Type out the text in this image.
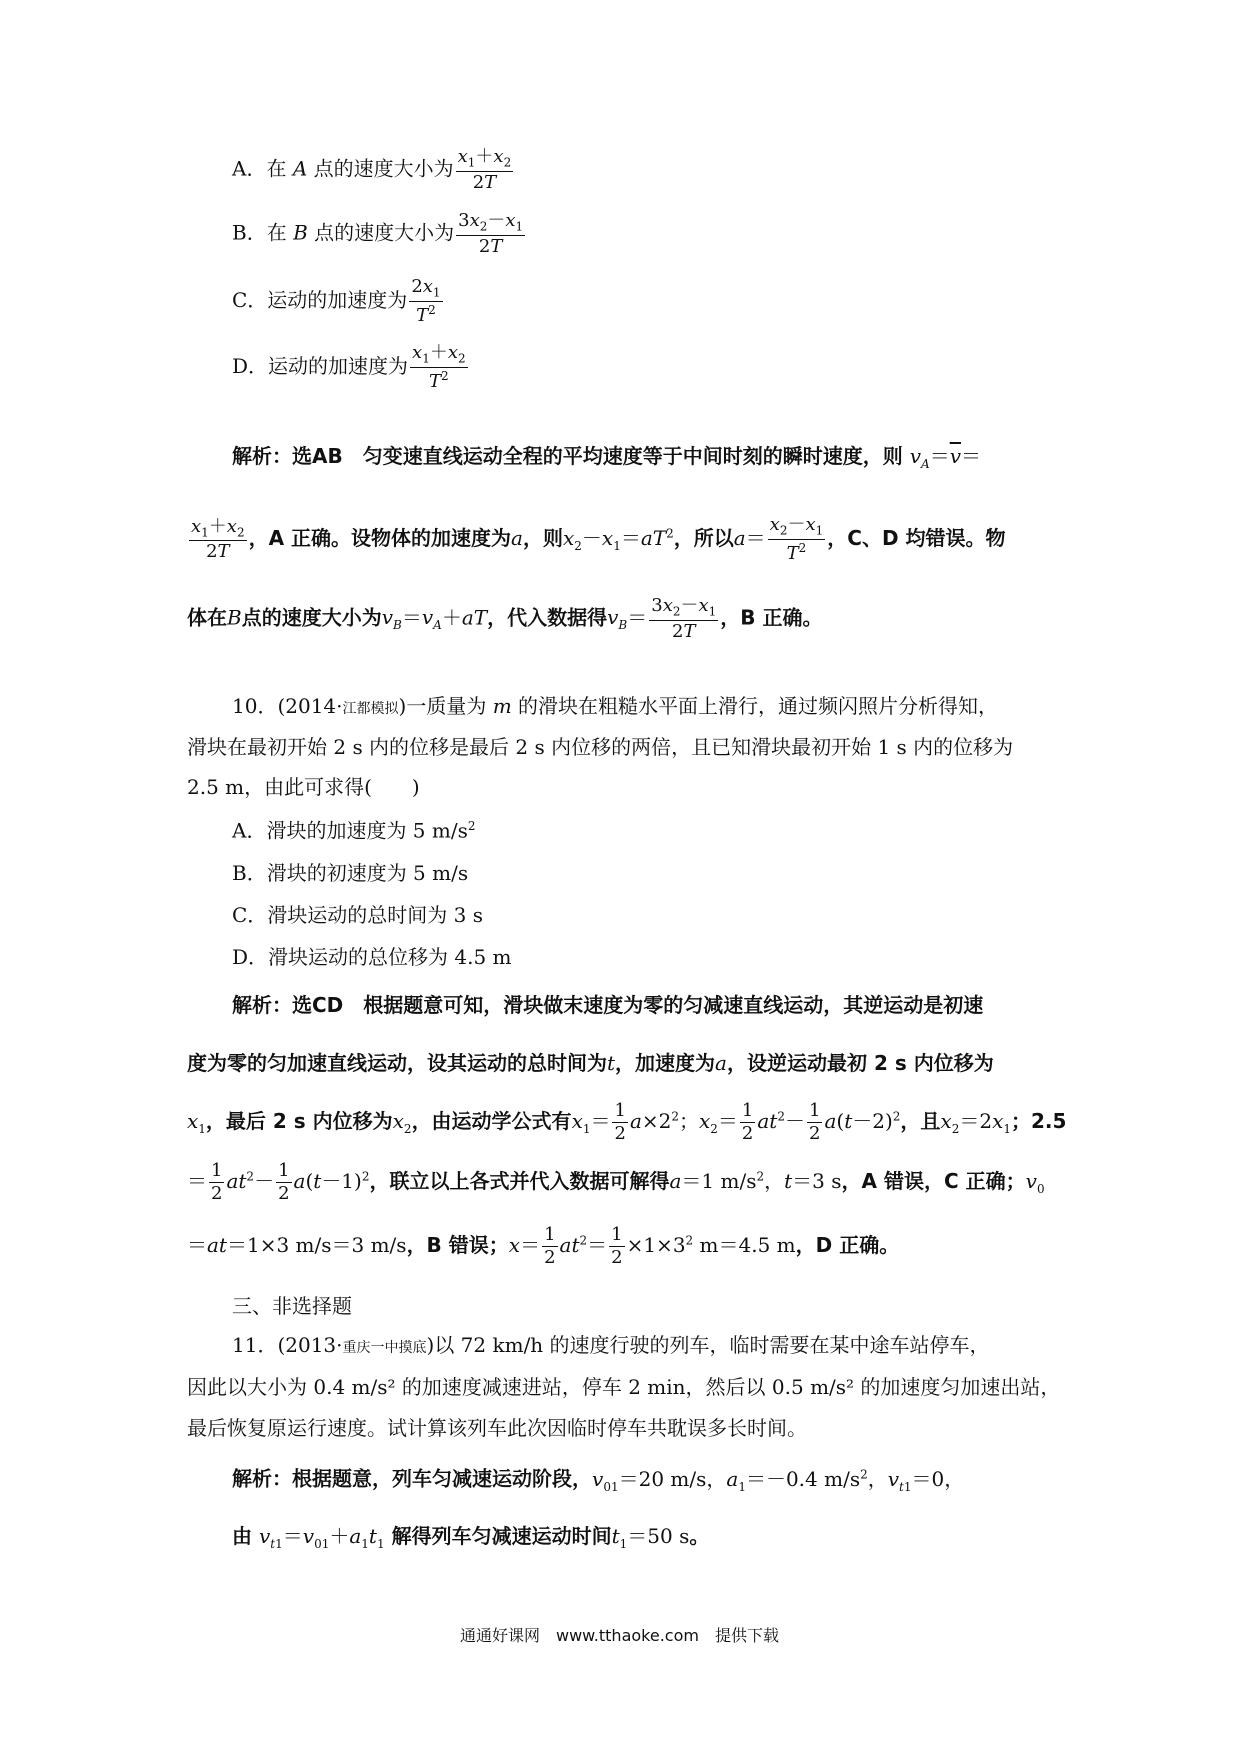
A．在 A 点的速度大小为 $\frac{x_1+x_2}{2T}$
B．在 B 点的速度大小为 $\frac{3x_2-x_1}{2T}$
C．运动的加速度为 $\frac{2x_1}{T^2}$
D．运动的加速度为 $\frac{x_1+x_2}{T^2}$
解析：选AB　匀变速直线运动全程的平均速度等于中间时刻的瞬时速度，则 $v_A=\overline{v}=$
$\frac{x_1+x_2}{2T}$ ，A 正确。设物体的加速度为a，则$x_2-x_1=aT^2$，所以$a= \frac{x_2-x_1}{T^2}$ ，C、D 均错误。物
体在B点的速度大小为$v_B=v_A+aT$，代入数据得$v_B= \frac{3x_2-x_1}{2T}$ ，B 正确。
10．(2014·江都模拟)一质量为 m 的滑块在粗糙水平面上滑行，通过频闪照片分析得知，
滑块在最初开始 2 s 内的位移是最后 2 s 内位移的两倍，且已知滑块最初开始 1 s 内的位移为
2.5 m，由此可求得(　　)
A．滑块的加速度为 5 $m/s^2$
B．滑块的初速度为 5 m/s
C．滑块运动的总时间为 3 s
D．滑块运动的总位移为 4.5 m
解析：选CD　根据题意可知，滑块做末速度为零的匀减速直线运动，其逆运动是初速
度为零的匀加速直线运动，设其运动的总时间为t，加速度为a，设逆运动最初 2 s 内位移为
$x_1$，最后 2 s 内位移为$x_2$，由运动学公式有$x_1= \frac{1}{2} a\times 2^2$；$x_2= \frac{1}{2} at^2- \frac{1}{2} a(t-2)^2$，且$x_2=2x_1$；2.5
＝ $\frac{1}{2} at^2- \frac{1}{2} a(t-1)^2$，联立以上各式并代入数据可解得a＝1 $m/s^2$，t＝3 s，A 错误，C 正确；$v_0$
＝at＝1×3 m/s＝3 m/s，B 错误；$x= \frac{1}{2} at^2= \frac{1}{2} \times 1\times 3^2$ m＝4.5 m，D 正确。
三、非选择题
11．(2013·重庆一中摸底)以 72 km/h 的速度行驶的列车，临时需要在某中途车站停车，
因此以大小为 0.4 m/s² 的加速度减速进站，停车 2 min，然后以 0.5 m/s² 的加速度匀加速出站，
最后恢复原运行速度。试计算该列车此次因临时停车共耽误多长时间。
解析：根据题意，列车匀减速运动阶段，$v_{01}=20$ m/s，$a_1=-0.4$ $m/s^2$，$v_{t1}=0$，
由 $v_{t1}=v_{01}+a_1t_1$ 解得列车匀减速运动时间$t_1=50$ s。
通通好课网　www.tthaoke.com　提供下载
